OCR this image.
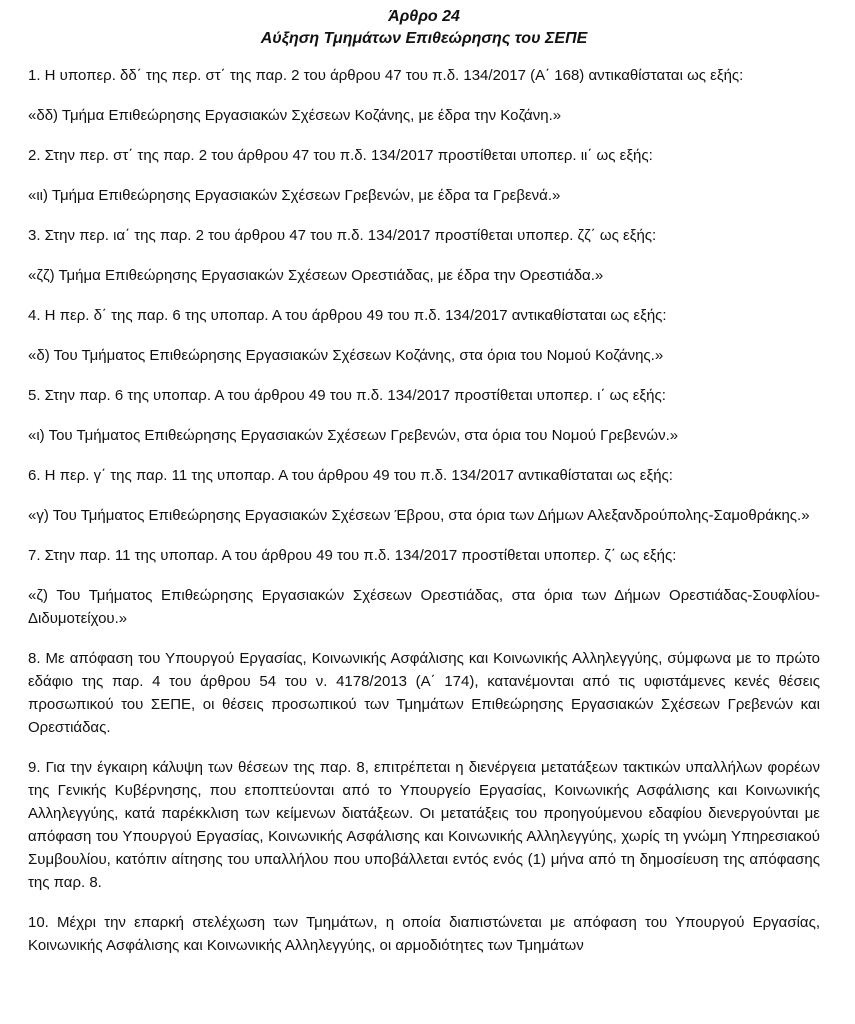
Άρθρο 24

Αύξηση Τμημάτων Επιθεώρησης του ΣΕΠΕ

1. Η υποπερ. δδ΄ της περ. στ΄ της παρ. 2 του άρθρου 47 του π.δ. 134/2017 (Α΄ 168) αντικαθίσταται ως εξής:

«δδ) Τμήμα Επιθεώρησης Εργασιακών Σχέσεων Κοζάνης, με έδρα την Κοζάνη.»

2. Στην περ. στ΄ της παρ. 2 του άρθρου 47 του π.δ. 134/2017 προστίθεται υποπερ. ιι΄ ως εξής:

«ιι) Τμήμα Επιθεώρησης Εργασιακών Σχέσεων Γρεβενών, με έδρα τα Γρεβενά.»

3. Στην περ. ια΄ της παρ. 2 του άρθρου 47 του π.δ. 134/2017 προστίθεται υποπερ. ζζ΄ ως εξής:

«ζζ) Τμήμα Επιθεώρησης Εργασιακών Σχέσεων Ορεστιάδας, με έδρα την Ορεστιάδα.»

4. Η περ. δ΄ της παρ. 6 της υποπαρ. Α του άρθρου 49 του π.δ. 134/2017 αντικαθίσταται ως εξής:

«δ) Του Τμήματος Επιθεώρησης Εργασιακών Σχέσεων Κοζάνης, στα όρια του Νομού Κοζάνης.»

5. Στην παρ. 6 της υποπαρ. Α του άρθρου 49 του π.δ. 134/2017 προστίθεται υποπερ. ι΄ ως εξής:

«ι) Του Τμήματος Επιθεώρησης Εργασιακών Σχέσεων Γρεβενών, στα όρια του Νομού Γρεβενών.»

6. Η περ. γ΄ της παρ. 11 της υποπαρ. Α του άρθρου 49 του π.δ. 134/2017 αντικαθίσταται ως εξής:

«γ) Του Τμήματος Επιθεώρησης Εργασιακών Σχέσεων Έβρου, στα όρια των Δήμων Αλεξανδρούπολης-Σαμοθράκης.»

7. Στην παρ. 11 της υποπαρ. Α του άρθρου 49 του π.δ. 134/2017 προστίθεται υποπερ. ζ΄ ως εξής:

«ζ) Του Τμήματος Επιθεώρησης Εργασιακών Σχέσεων Ορεστιάδας, στα όρια των Δήμων Ορεστιάδας-Σουφλίου- Διδυμοτείχου.»

8. Με απόφαση του Υπουργού Εργασίας, Κοινωνικής Ασφάλισης και Κοινωνικής Αλληλεγγύης, σύμφωνα με το πρώτο εδάφιο της παρ. 4 του άρθρου 54 του ν. 4178/2013 (Α΄ 174), κατανέμονται από τις υφιστάμενες κενές θέσεις προσωπικού του ΣΕΠΕ, οι θέσεις προσωπικού των Τμημάτων Επιθεώρησης Εργασιακών Σχέσεων Γρεβενών και Ορεστιάδας.

9. Για την έγκαιρη κάλυψη των θέσεων της παρ. 8, επιτρέπεται η διενέργεια μετατάξεων τακτικών υπαλλήλων φορέων της Γενικής Κυβέρνησης, που εποπτεύονται από το Υπουργείο Εργασίας, Κοινωνικής Ασφάλισης και Κοινωνικής Αλληλεγγύης, κατά παρέκκλιση των κείμενων διατάξεων. Οι μετατάξεις του προηγούμενου εδαφίου διενεργούνται με απόφαση του Υπουργού Εργασίας, Κοινωνικής Ασφάλισης και Κοινωνικής Αλληλεγγύης, χωρίς τη γνώμη Υπηρεσιακού Συμβουλίου, κατόπιν αίτησης του υπαλλήλου που υποβάλλεται εντός ενός (1) μήνα από τη δημοσίευση της απόφασης της παρ. 8.

10. Μέχρι την επαρκή στελέχωση των Τμημάτων, η οποία διαπιστώνεται με απόφαση του Υπουργού Εργασίας, Κοινωνικής Ασφάλισης και Κοινωνικής Αλληλεγγύης, οι αρμοδιότητες των Τμημάτων
